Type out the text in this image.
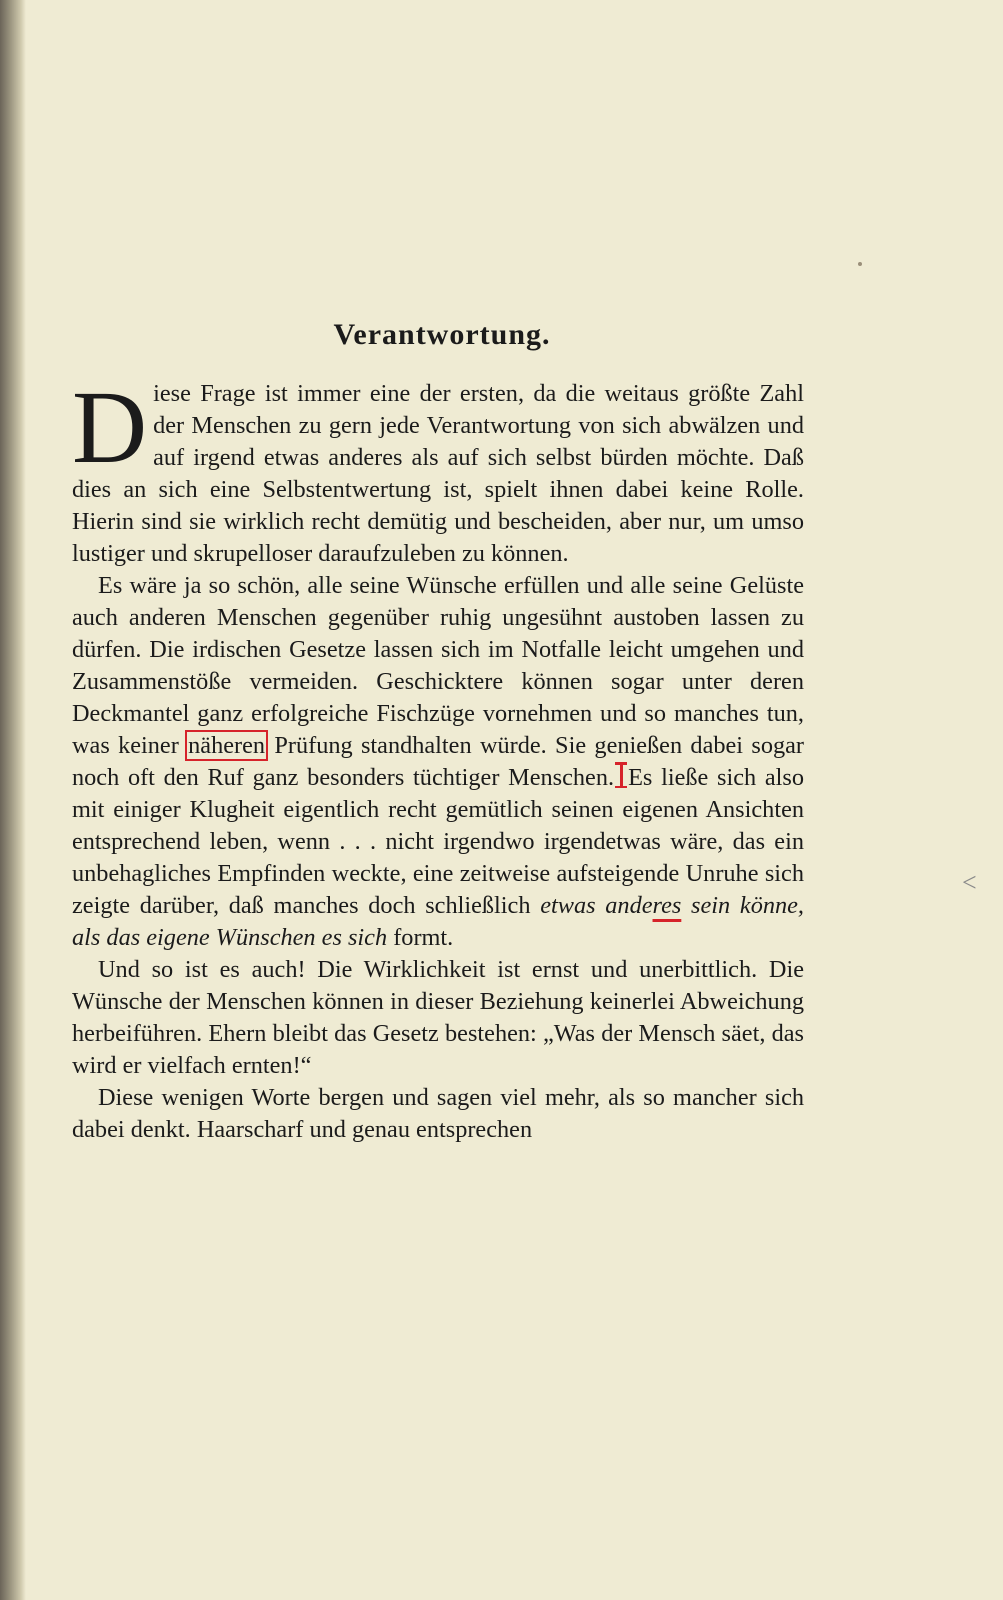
Verantwortung.

Diese Frage ist immer eine der ersten, da die weitaus größte Zahl der Menschen zu gern jede Verantwortung von sich abwälzen und auf irgend etwas anderes als auf sich selbst bürden möchte. Daß dies an sich eine Selbstentwertung ist, spielt ihnen dabei keine Rolle. Hierin sind sie wirklich recht demütig und bescheiden, aber nur, um umso lustiger und skrupelloser daraufzuleben zu können.

Es wäre ja so schön, alle seine Wünsche erfüllen und alle seine Gelüste auch anderen Menschen gegenüber ruhig ungesühnt austoben lassen zu dürfen. Die irdischen Gesetze lassen sich im Notfalle leicht umgehen und Zusammenstöße vermeiden. Geschicktere können sogar unter deren Deckmantel ganz erfolgreiche Fischzüge vornehmen und so manches tun, was keiner näheren Prüfung standhalten würde. Sie genießen dabei sogar noch oft den Ruf ganz besonders tüchtiger Menschen. Es ließe sich also mit einiger Klugheit eigentlich recht gemütlich seinen eigenen Ansichten entsprechend leben, wenn . . . nicht irgendwo irgendetwas wäre, das ein unbehagliches Empfinden weckte, eine zeitweise aufsteigende Unruhe sich zeigte darüber, daß manches doch schließlich etwas anderes sein könne, als das eigene Wünschen es sich formt.

Und so ist es auch! Die Wirklichkeit ist ernst und unerbittlich. Die Wünsche der Menschen können in dieser Beziehung keinerlei Abweichung herbeiführen. Ehern bleibt das Gesetz bestehen: „Was der Mensch säet, das wird er vielfach ernten!“

Diese wenigen Worte bergen und sagen viel mehr, als so mancher sich dabei denkt. Haarscharf und genau entsprechen

<
